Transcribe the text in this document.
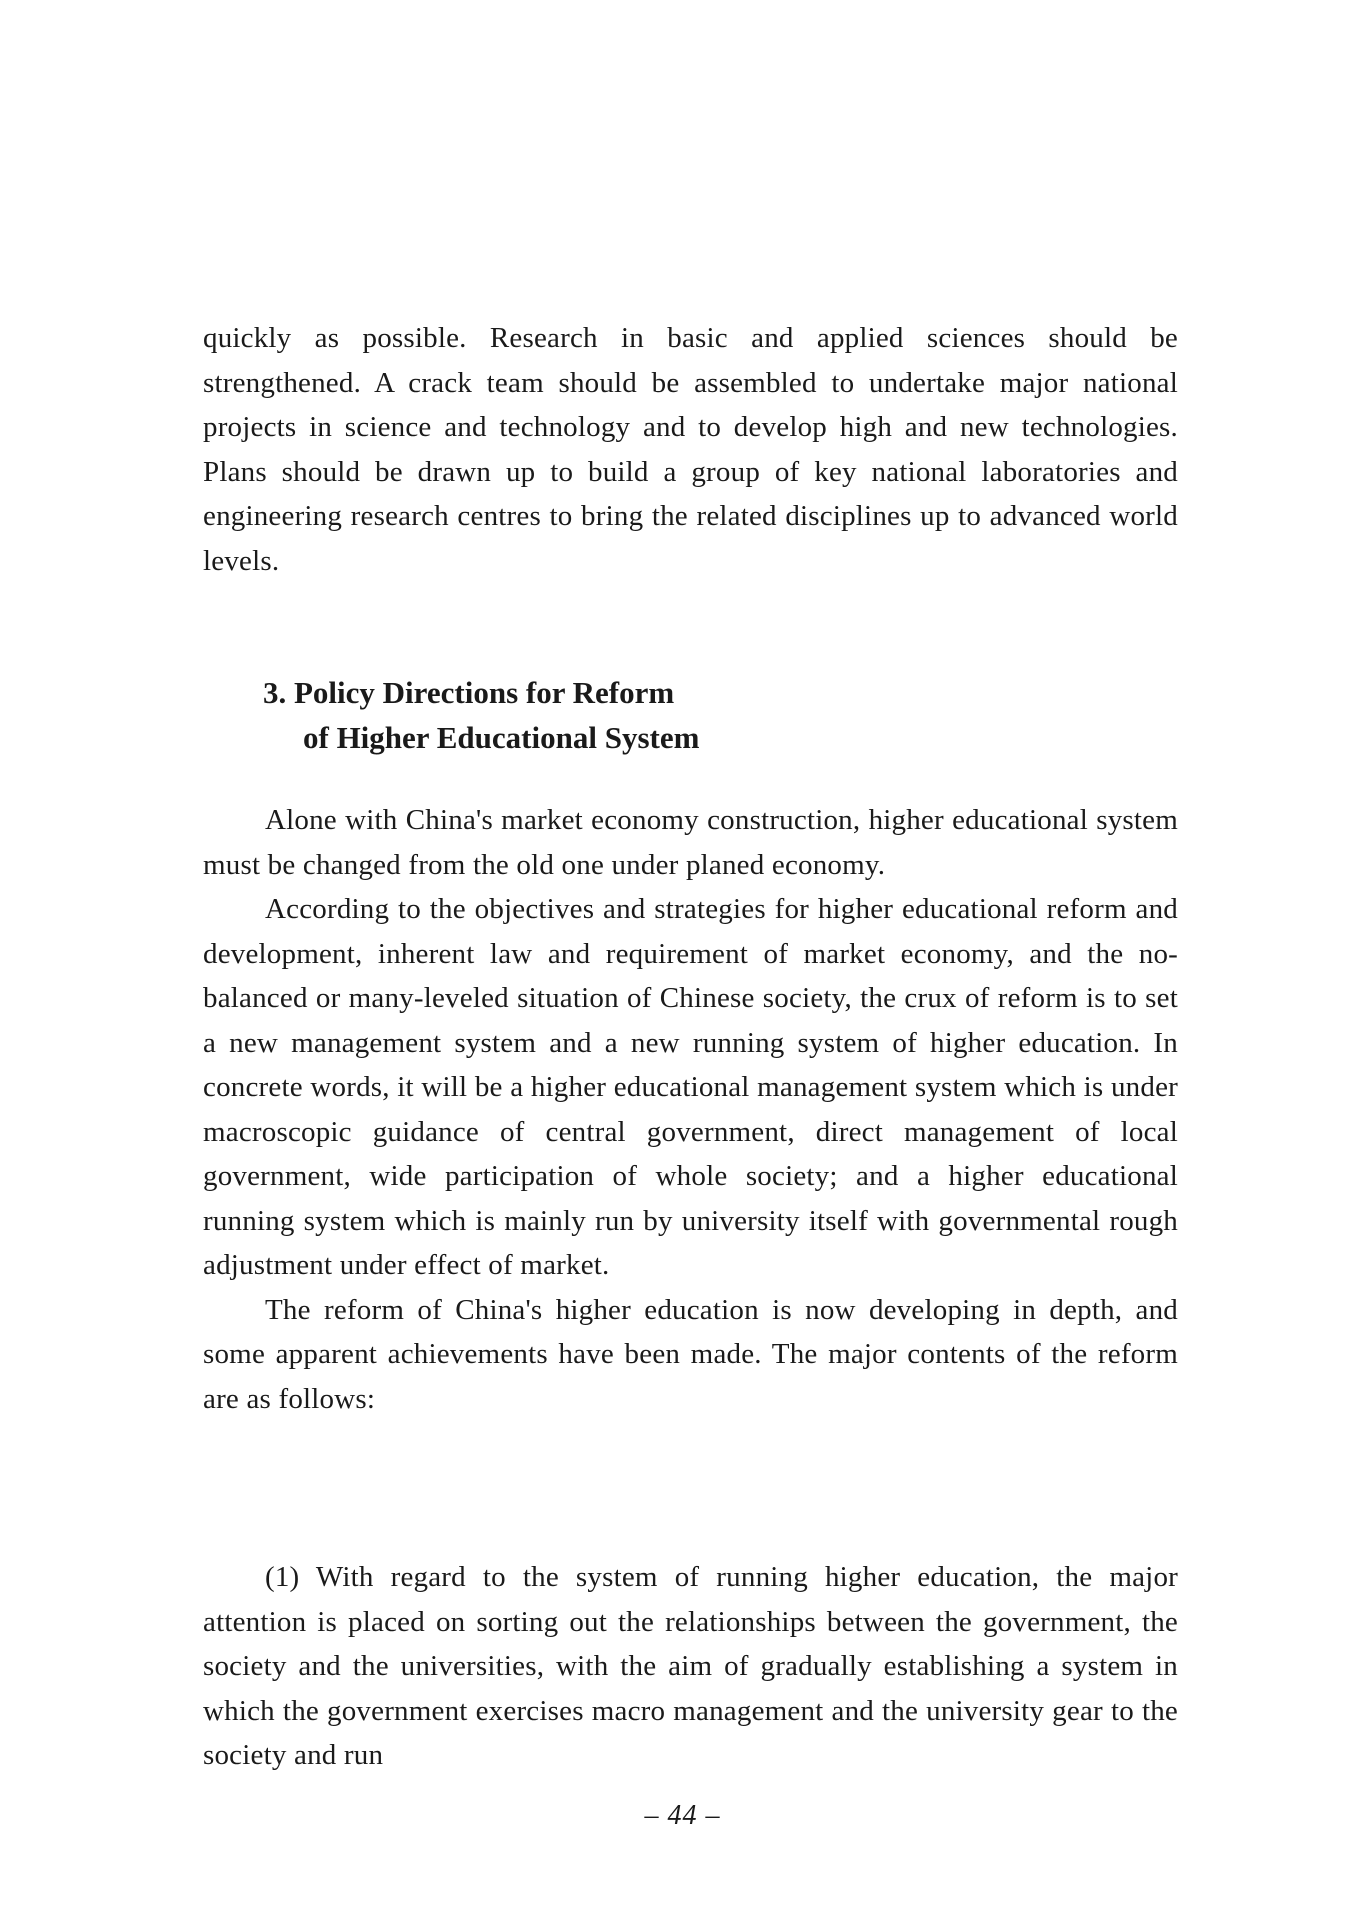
quickly as possible. Research in basic and applied sciences should be strengthened. A crack team should be assembled to undertake major national projects in science and technology and to develop high and new technologies. Plans should be drawn up to build a group of key national laboratories and engineering research centres to bring the related disciplines up to advanced world levels.

3. Policy Directions for Reform
of Higher Educational System

Alone with China's market economy construction, higher educational system must be changed from the old one under planed economy.

According to the objectives and strategies for higher educational reform and development, inherent law and requirement of market economy, and the no-balanced or many-leveled situation of Chinese society, the crux of reform is to set a new management system and a new running system of higher education. In concrete words, it will be a higher educational management system which is under macroscopic guidance of central government, direct management of local government, wide participation of whole society; and a higher educational running system which is mainly run by university itself with governmental rough adjustment under effect of market.

The reform of China's higher education is now developing in depth, and some apparent achievements have been made. The major contents of the reform are as follows:

(1) With regard to the system of running higher education, the major attention is placed on sorting out the relationships between the government, the society and the universities, with the aim of gradually establishing a system in which the government exercises macro management and the university gear to the society and run

– 44 –
